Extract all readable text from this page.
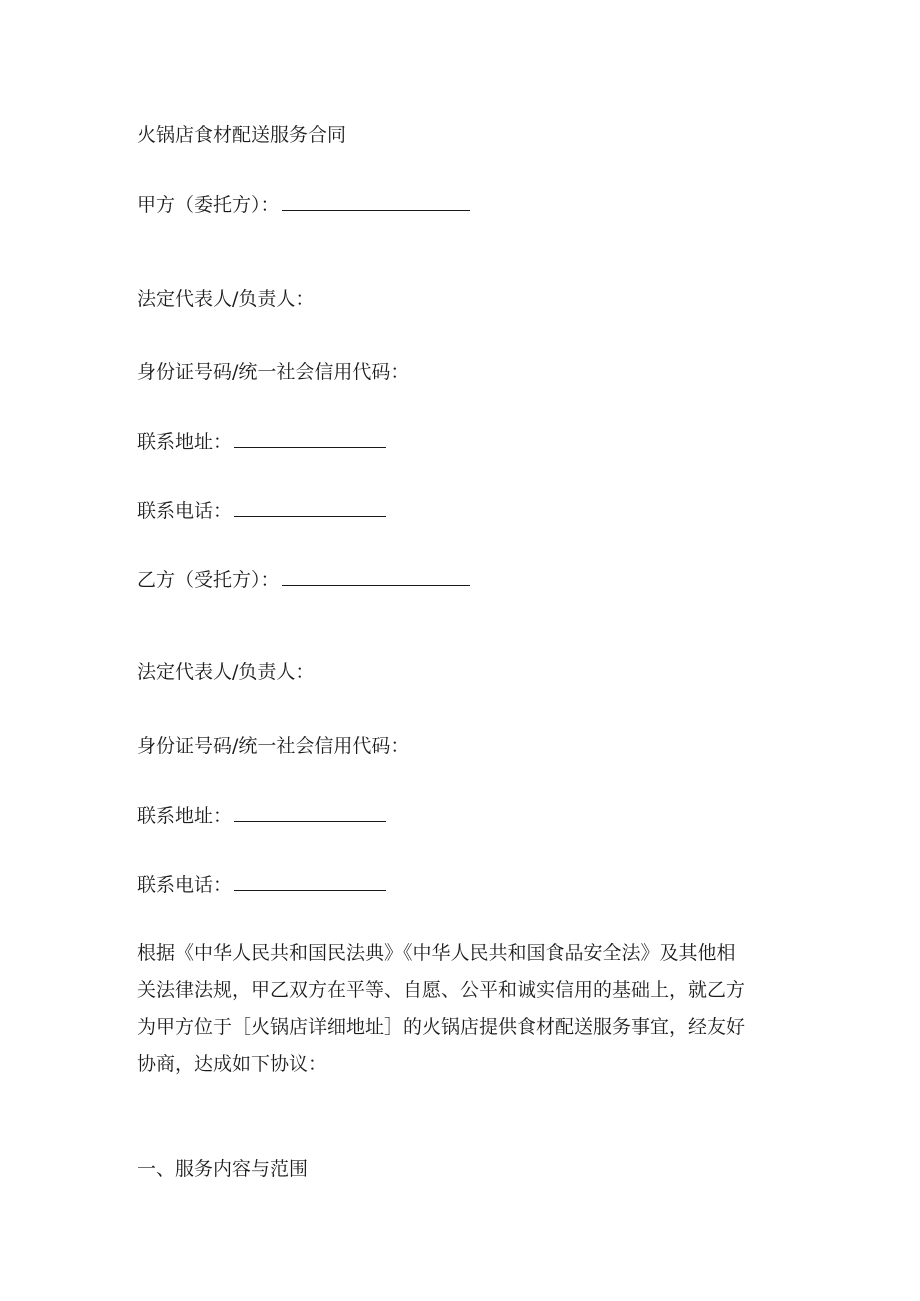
火锅店食材配送服务合同
甲方（委托方）：
法定代表人/负责人：
身份证号码/统一社会信用代码：
联系地址：
联系电话：
乙方（受托方）：
法定代表人/负责人：
身份证号码/统一社会信用代码：
联系地址：
联系电话：
根据《中华人民共和国民法典》《中华人民共和国食品安全法》及其他相
关法律法规，甲乙双方在平等、自愿、公平和诚实信用的基础上，就乙方
为甲方位于［火锅店详细地址］的火锅店提供食材配送服务事宜，经友好
协商，达成如下协议：
一、服务内容与范围
